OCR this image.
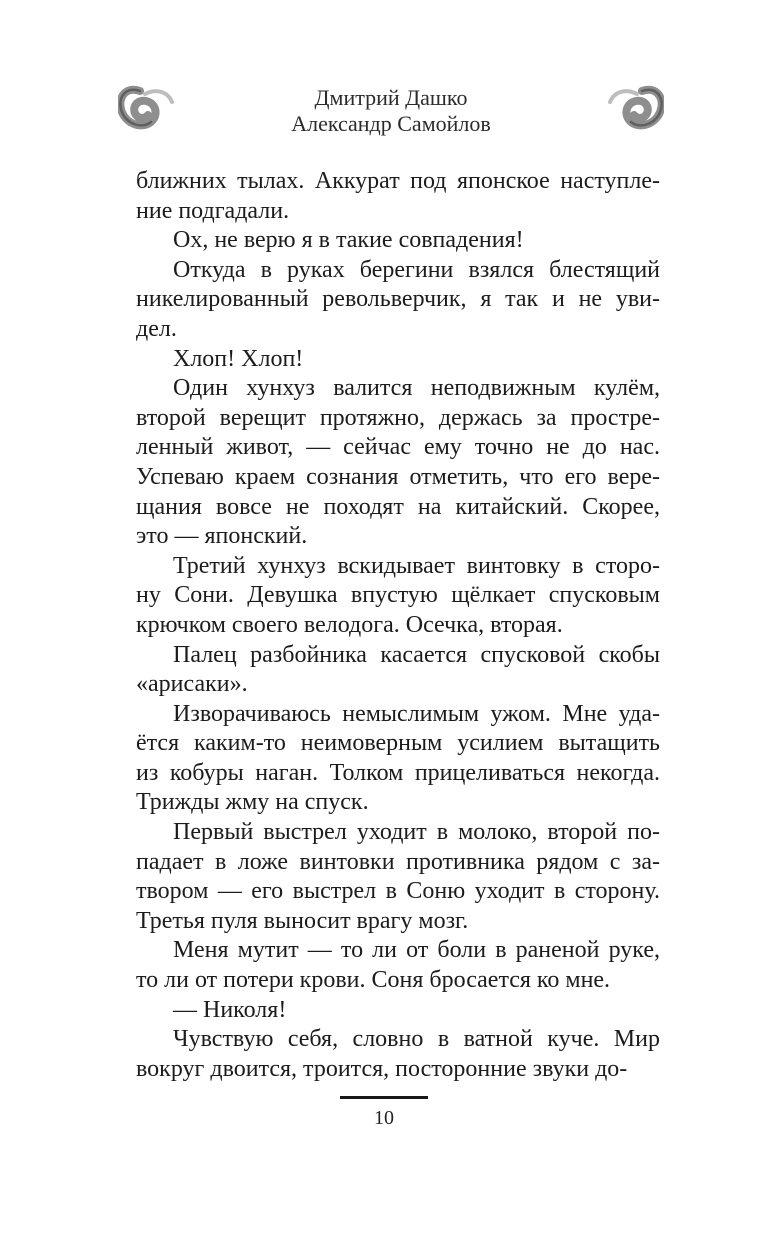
Дмитрий Дашко
Александр Самойлов

ближних тылах. Аккурат под японское наступле-
ние подгадали.

Ох, не верю я в такие совпадения!

Откуда в руках берегини взялся блестящий
никелированный револьверчик, я так и не уви-
дел.

Хлоп! Хлоп!

Один хунхуз валится неподвижным кулём,
второй верещит протяжно, держась за простре-
ленный живот, — сейчас ему точно не до нас.
Успеваю краем сознания отметить, что его вере-
щания вовсе не походят на китайский. Скорее,
это — японский.

Третий хунхуз вскидывает винтовку в сторо-
ну Сони. Девушка впустую щёлкает спусковым
крючком своего велодога. Осечка, вторая.

Палец разбойника касается спусковой скобы
«арисаки».

Изворачиваюсь немыслимым ужом. Мне уда-
ётся каким-то неимоверным усилием вытащить
из кобуры наган. Толком прицеливаться некогда.
Трижды жму на спуск.

Первый выстрел уходит в молоко, второй по-
падает в ложе винтовки противника рядом с за-
твором — его выстрел в Соню уходит в сторону.
Третья пуля выносит врагу мозг.

Меня мутит — то ли от боли в раненой руке,
то ли от потери крови. Соня бросается ко мне.

— Николя!

Чувствую себя, словно в ватной куче. Мир
вокруг двоится, троится, посторонние звуки до-

10
